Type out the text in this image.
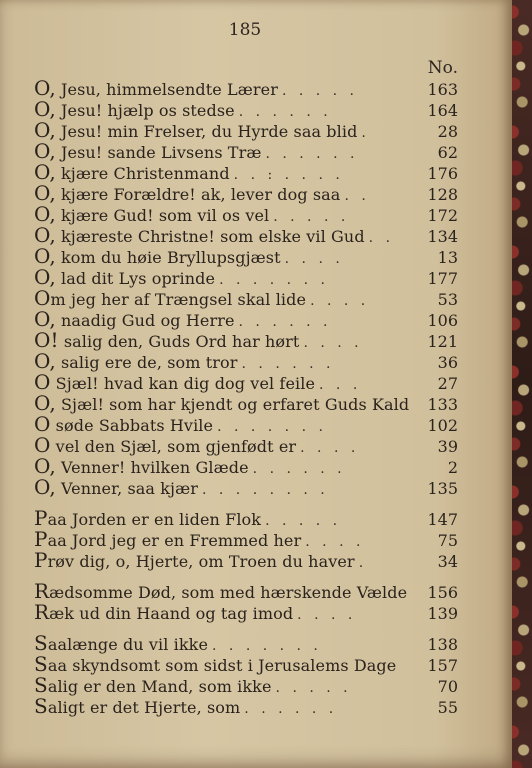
185
No.
O, Jesu, himmelsendte Lærer . . . . .	163
O, Jesu! hjælp os stedse . . . . . .	164
O, Jesu! min Frelser, du Hyrde saa blid .	28
O, Jesu! sande Livsens Træ . . . . . .	62
O, kjære Christenmand . . : . . . .	176
O, kjære Forældre! ak, lever dog saa . .	128
O, kjære Gud! som vil os vel . . . . .	172
O, kjæreste Christne! som elske vil Gud . .	134
O, kom du høie Bryllupsgjæst . . . .	13
O, lad dit Lys oprinde . . . . . . .	177
Om jeg her af Trængsel skal lide . . . .	53
O, naadig Gud og Herre . . . . . .	106
O! salig den, Guds Ord har hørt . . . .	121
O, salig ere de, som tror . . . . . .	36
O Sjæl! hvad kan dig dog vel feile . . .	27
O, Sjæl! som har kjendt og erfaret Guds Kald 133
O søde Sabbats Hvile . . . . . . .	102
O vel den Sjæl, som gjenfødt er . . . .	39
O, Venner! hvilken Glæde . . . . . .	2
O, Venner, saa kjær . . . . . . . .	135
Paa Jorden er en liden Flok . . . . .	147
Paa Jord jeg er en Fremmed her . . . .	75
Prøv dig, o, Hjerte, om Troen du haver .	34
Rædsomme Død, som med hærskende Vælde 156
Ræk ud din Haand og tag imod . . . .	139
Saalænge du vil ikke . . . . . . .	138
Saa skyndsomt som sidst i Jerusalems Dage 157
Salig er den Mand, som ikke . . . . .	70
Saligt er det Hjerte, som . . . . . .	55
